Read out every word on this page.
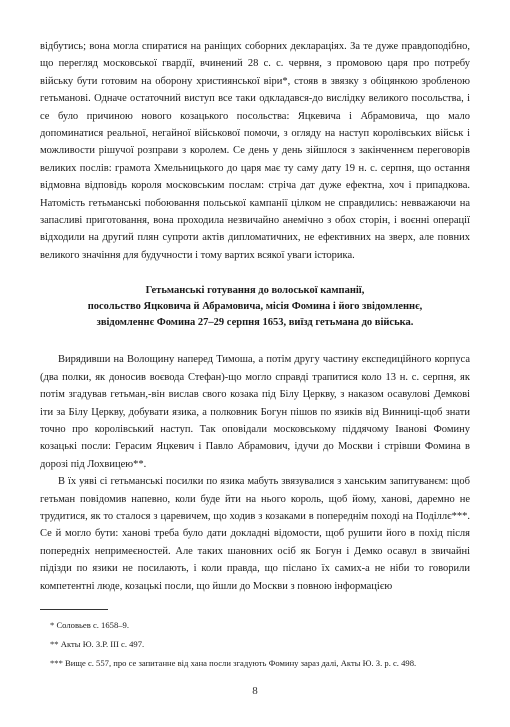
відбутись; вона могла спиратися на раніщих соборних деклараціях. За те дуже правдоподібно, що перегляд московської гвардії, вчинений 28 с. с. червня, з промовою царя про потребу війську бути готовим на оборону християнської віри*, стояв в звязку з обіцянкою зробленою гетьманові. Одначе остаточний виступ все таки одкладався-до вислідку великого посольства, і се було причиною нового козацького посольства: Яцкевича і Абрамовича, що мало допоминатися реальної, негайної військової помочи, з огляду на наступ королівських військ і можливости рішучої розправи з королем. Се день у день зійшлося з закінченнєм переговорів великих послів: грамота Хмельницького до царя має ту саму дату 19 н. с. серпня, що остання відмовна відповідь короля московським послам: стріча дат дуже ефектна, хоч і припадкова. Натомість гетьманські побоювання польської кампанії цілком не справдились: невважаючи на запасливі приготовання, вона проходила незвичайно анемічно з обох сторін, і воєнні операції відходили на другий плян супроти актів дипломатичних, не ефективних на зверх, але повних великого значіння для будучности і тому вартих всякої уваги історика.

Гетьманські готування до волоської кампанії,
посольство Яцковича й Абрамовича, місія Фомина і його звідомленнє,
звідомленнє Фомина 27–29 серпня 1653, виїзд гетьмана до війська.

Вирядивши на Волощину наперед Тимоша, а потім другу частину експедиційного корпуса (два полки, як доносив воєвода Стефан)-що могло справді трапитися коло 13 н. с. серпня, як потім згадував гетьман,-він вислав свого козака під Білу Церкву, з наказом осавулові Демкові іти за Білу Церкву, добувати язика, а полковник Богун пішов по язиків від Винниці-щоб знати точно про королівський наступ. Так оповідали московському піддячому Іванові Фомину козацькі посли: Герасим Яцкевич і Павло Абрамович, ідучи до Москви і стрівши Фомина в дорозі під Лохвицею**.

В їх уяві сі гетьманські посилки по язика мабуть звязувалися з ханським запитуванєм: щоб гетьман повідомив напевно, коли буде йти на нього король, щоб йому, ханові, даремно не трудитися, як то сталося з царевичем, що ходив з козаками в попереднім поході на Поділлє***. Се й могло бути: ханові треба було дати докладні відомости, щоб рушити його в похід після попередніх непримеєностей. Але таких шановних осіб як Богун і Демко осавул в звичайні підізди по язики не посилають, і коли правда, що післано їх самих-а не ніби то говорили компетентні люде, козацькі посли, що йшли до Москви з повною інформацією

* Соловьев с. 1658–9.

** Акты Ю. З.Р. III с. 497.

*** Вище с. 557, про се запитанне від хана посли згадують Фомину зараз далі, Акты Ю. З. р. с. 498.

8
